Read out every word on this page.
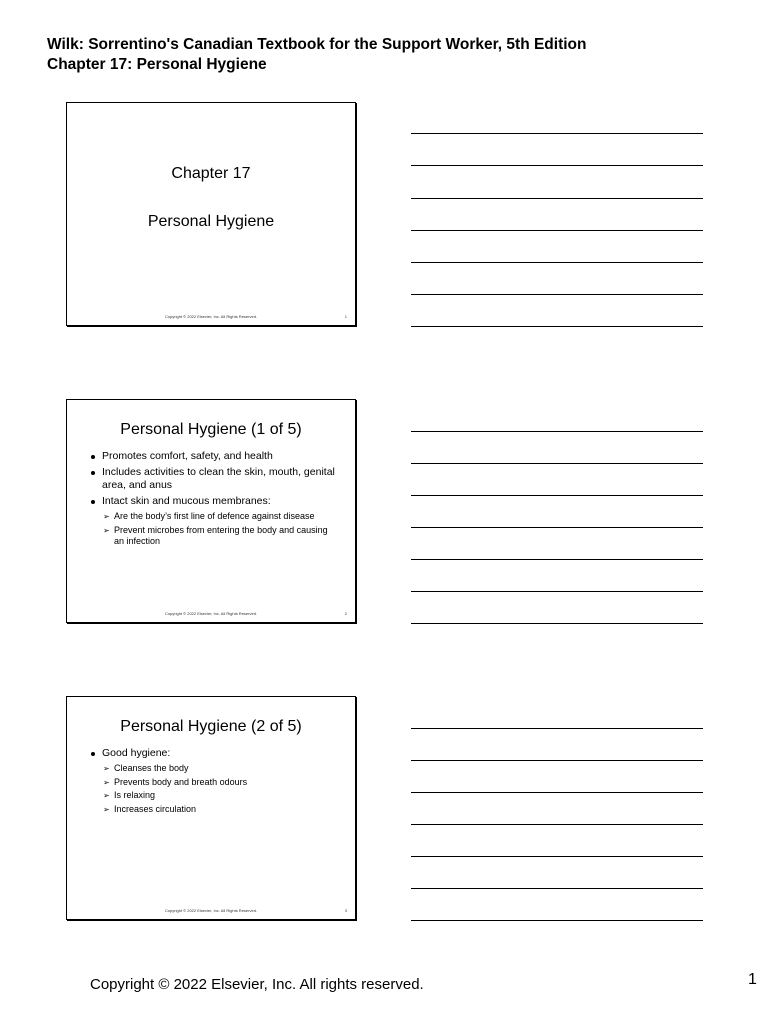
Wilk: Sorrentino's Canadian Textbook for the Support Worker, 5th Edition
Chapter 17: Personal Hygiene
Chapter 17
Personal Hygiene
Copyright © 2022 Elsevier, Inc. All Rights Reserved.	1
Personal Hygiene (1 of 5)
Promotes comfort, safety, and health
Includes activities to clean the skin, mouth, genital area, and anus
Intact skin and mucous membranes:
➢ Are the body’s first line of defence against disease
➢ Prevent microbes from entering the body and causing an infection
Copyright © 2022 Elsevier, Inc. All Rights Reserved.	2
Personal Hygiene (2 of 5)
Good hygiene:
➢ Cleanses the body
➢ Prevents body and breath odours
➢ Is relaxing
➢ Increases circulation
Copyright © 2022 Elsevier, Inc. All Rights Reserved.	3
Copyright © 2022 Elsevier, Inc. All rights reserved.	1
